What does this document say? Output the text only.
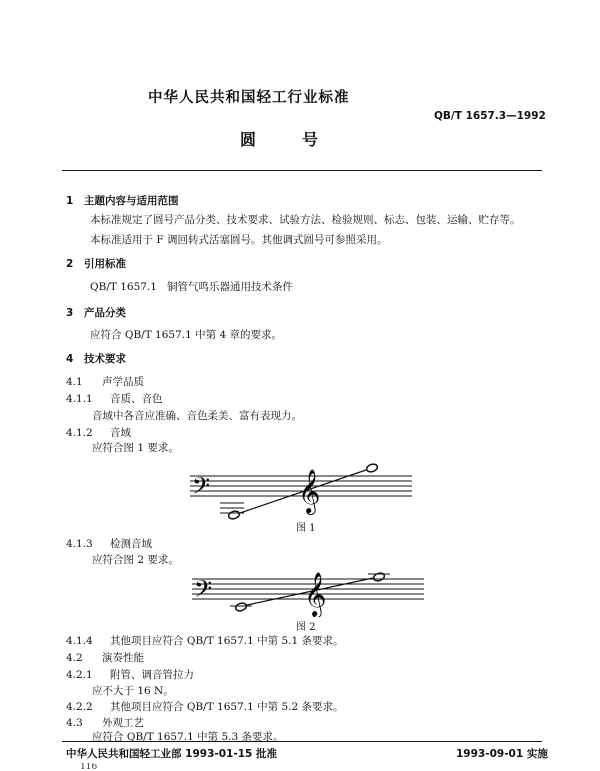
中华人民共和国轻工行业标准
QB/T 1657.3—1992
圆号
1 主题内容与适用范围
本标准规定了圆号产品分类、技术要求、试验方法、检验规则、标志、包装、运输、贮存等。
本标准适用于 F 调回转式活塞圆号。其他调式圆号可参照采用。
2 引用标准
QB/T 1657.1 铜管气鸣乐器通用技术条件
3 产品分类
应符合 QB/T 1657.1 中第 4 章的要求。
4 技术要求
4.1 声学品质
4.1.1 音质、音色
音域中各音应准确、音色柔美、富有表现力。
4.1.2 音域
应符合图 1 要求。
𝄢 𝄞
图 1
4.1.3 检测音域
应符合图 2 要求。
𝄢 𝄞
图 2
4.1.4 其他项目应符合 QB/T 1657.1 中第 5.1 条要求。
4.2 演奏性能
4.2.1 附管、调音管拉力
应不大于 16 N。
4.2.2 其他项目应符合 QB/T 1657.1 中第 5.2 条要求。
4.3 外观工艺
应符合 QB/T 1657.1 中第 5.3 条要求。
中华人民共和国轻工业部 1993-01-15 批准	1993-09-01 实施
116
